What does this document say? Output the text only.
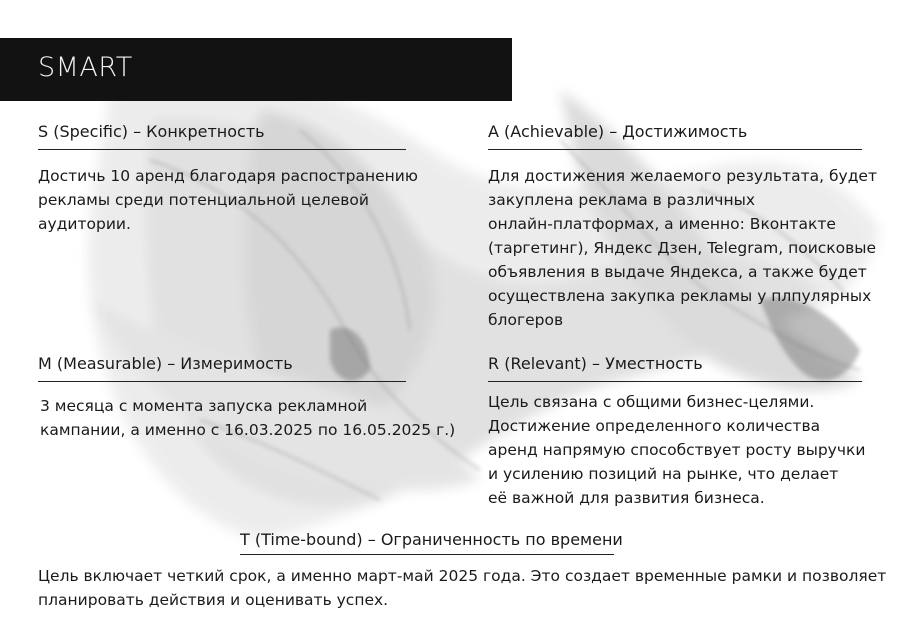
SMART
S (Specific) – Конкретность

Достичь 10 аренд благодаря распостранению

рекламы среди потенциальной целевой

аудитории.

A (Achievable) – Достижимость

Для достижения желаемого результата, будет

закуплена реклама в различных

онлайн-платформах, а именно: Вконтакте

(таргетинг), Яндекс Дзен, Telegram, поисковые

объявления в выдаче Яндекса, а также будет

осуществлена закупка рекламы у плпулярных

блогеров

M (Measurable) – Измеримость

3 месяца с момента запуска рекламной

кампании, а именно с 16.03.2025 по 16.05.2025 г.)

R (Relevant) – Уместность

Цель связана с общими бизнес-целями.

Достижение определенного количества

аренд напрямую способствует росту выручки

и усилению позиций на рынке, что делает

её важной для развития бизнеса.

T (Time-bound) – Ограниченность по времени

Цель включает четкий срок, а именно март-май 2025 года. Это создает временные рамки и позволяет

планировать действия и оценивать успех.
